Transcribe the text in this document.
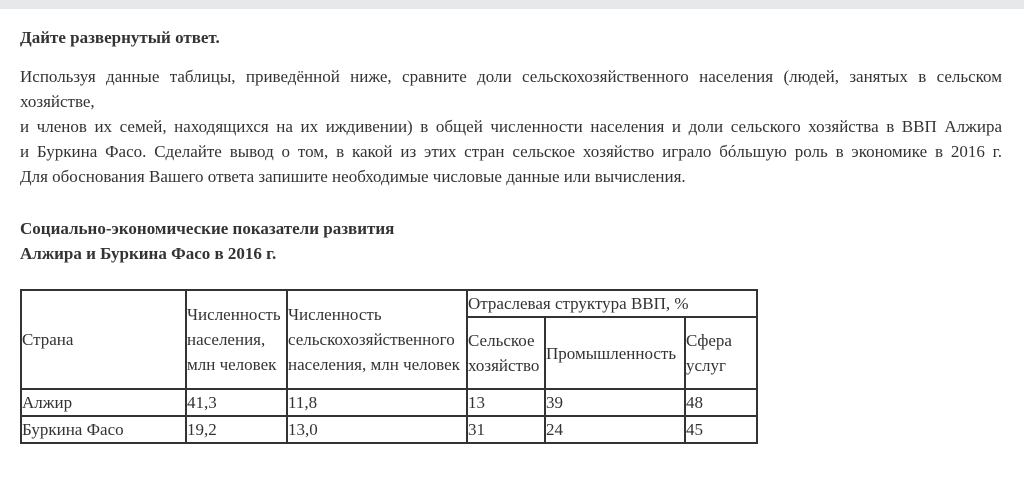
Дайте развернутый ответ.

Используя данные таблицы, приведённой ниже, сравните доли сельскохозяйственного населения (людей, занятых в сельском
хозяйстве,
и членов их семей, находящихся на их иждивении) в общей численности населения и доли сельского хозяйства в ВВП Алжира
и Буркина Фасо. Сделайте вывод о том, в какой из этих стран сельское хозяйство играло бóльшую роль в экономике в 2016 г.
Для обоснования Вашего ответа запишите необходимые числовые данные или вычисления.
Социально-экономические показатели развития
Алжира и Буркина Фасо в 2016 г.
Страна	Численность населения, млн человек	Численность сельскохозяйственного населения, млн человек	Отраслевая структура ВВП, %		
			Сельское хозяйство	Промышленность	Сфера услуг
Алжир	41,3	11,8	13	39	48
Буркина Фасо	19,2	13,0	31	24	45
